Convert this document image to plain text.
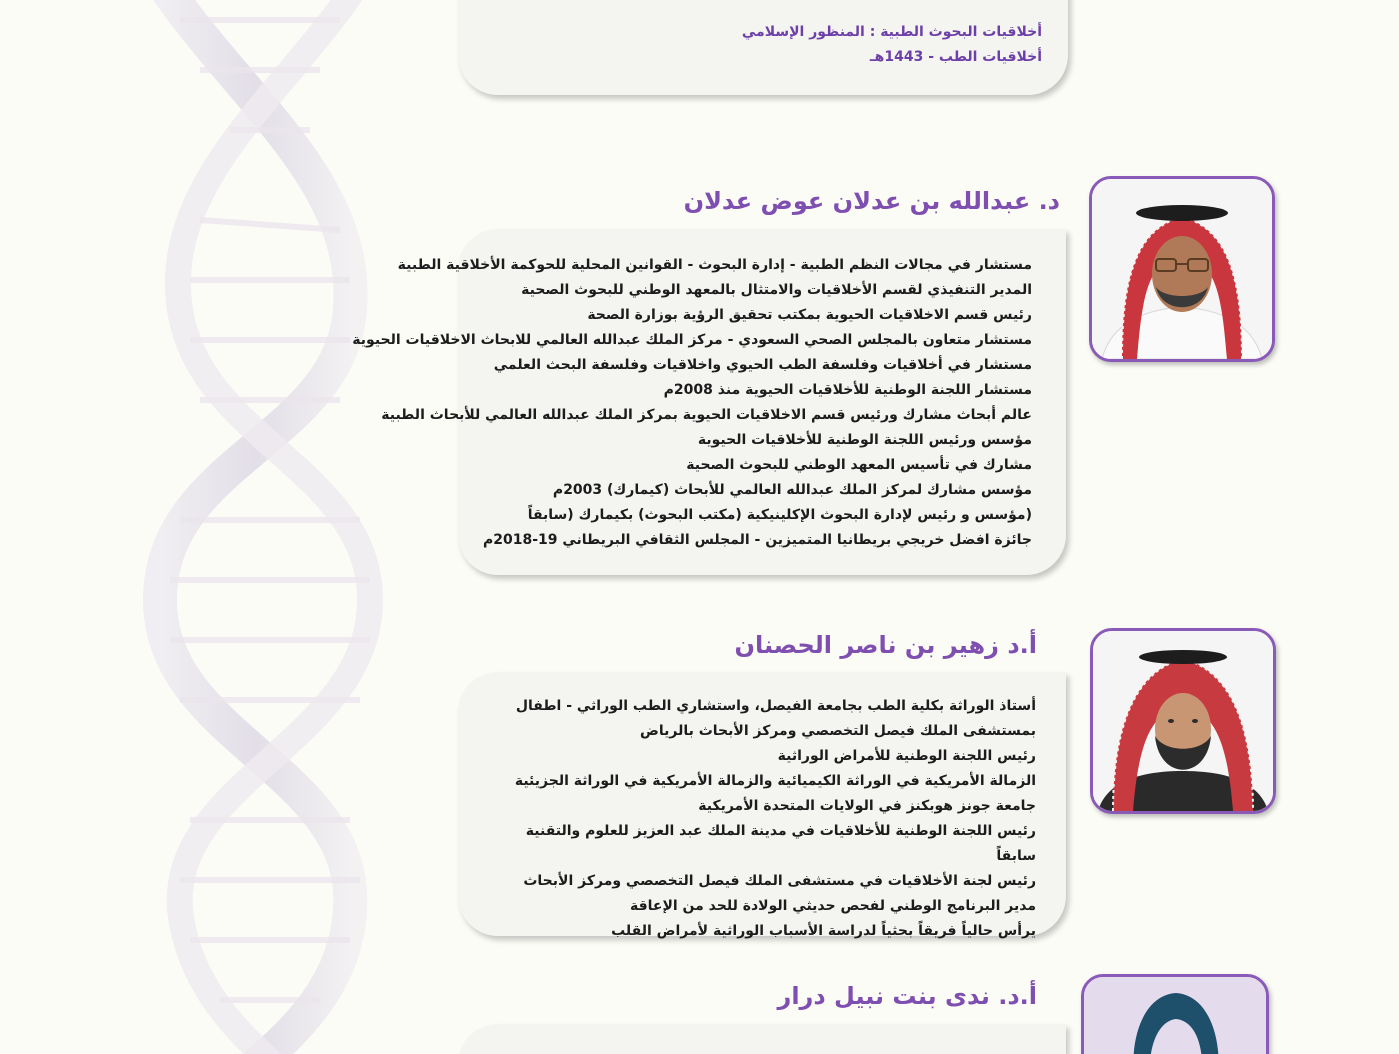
أخلاقيات البحوث الطبية : المنظور الإسلامي
أخلاقيات الطب - 1443هـ
د. عبدالله بن عدلان عوض عدلان
مستشار في مجالات النظم الطبية - إدارة البحوث - القوانين المحلية للحوكمة الأخلاقية الطبية
المدير التنفيذي لقسم الأخلاقيات والامتثال بالمعهد الوطني للبحوث الصحية
رئيس قسم الاخلاقيات الحيوية بمكتب تحقيق الرؤية بوزارة الصحة
مستشار متعاون بالمجلس الصحي السعودي - مركز الملك عبدالله العالمي للابحاث الاخلاقيات الحيوية
مستشار في أخلاقيات وفلسفة الطب الحيوي واخلاقيات وفلسفة البحث العلمي
مستشار اللجنة الوطنية للأخلاقيات الحيوية منذ 2008م
عالم أبحاث مشارك ورئيس قسم الاخلاقيات الحيوية بمركز الملك عبدالله العالمي للأبحاث الطبية
مؤسس ورئيس اللجنة الوطنية للأخلاقيات الحيوية
مشارك في تأسيس المعهد الوطني للبحوث الصحية
مؤسس مشارك لمركز الملك عبدالله العالمي للأبحاث (كيمارك) 2003م
(مؤسس و رئيس لإدارة البحوث الإكلينيكية (مكتب البحوث) بكيمارك (سابقاً
جائزة افضل خريجي بريطانيا المتميزين - المجلس الثقافي البريطاني 19-2018م
أ.د زهير بن ناصر الحصنان
أستاذ الوراثة بكلية الطب بجامعة الفيصل، واستشاري الطب الوراثي - اطفال بمستشفى الملك فيصل التخصصي ومركز الأبحاث بالرياض
رئيس اللجنة الوطنية للأمراض الوراثية
الزمالة الأمريكية في الوراثة الكيميائية والزمالة الأمريكية في الوراثة الجزيئية جامعة جونز هوبكنز في الولايات المتحدة الأمريكية
رئيس اللجنة الوطنية للأخلاقيات في مدينة الملك عبد العزيز للعلوم والتقنية سابقاً
رئيس لجنة الأخلاقيات في مستشفى الملك فيصل التخصصي ومركز الأبحاث
مدير البرنامج الوطني لفحص حديثي الولادة للحد من الإعاقة
يرأس حالياً فريقاً بحثياً لدراسة الأسباب الوراثية لأمراض القلب
أ.د. ندى بنت نبيل درار
